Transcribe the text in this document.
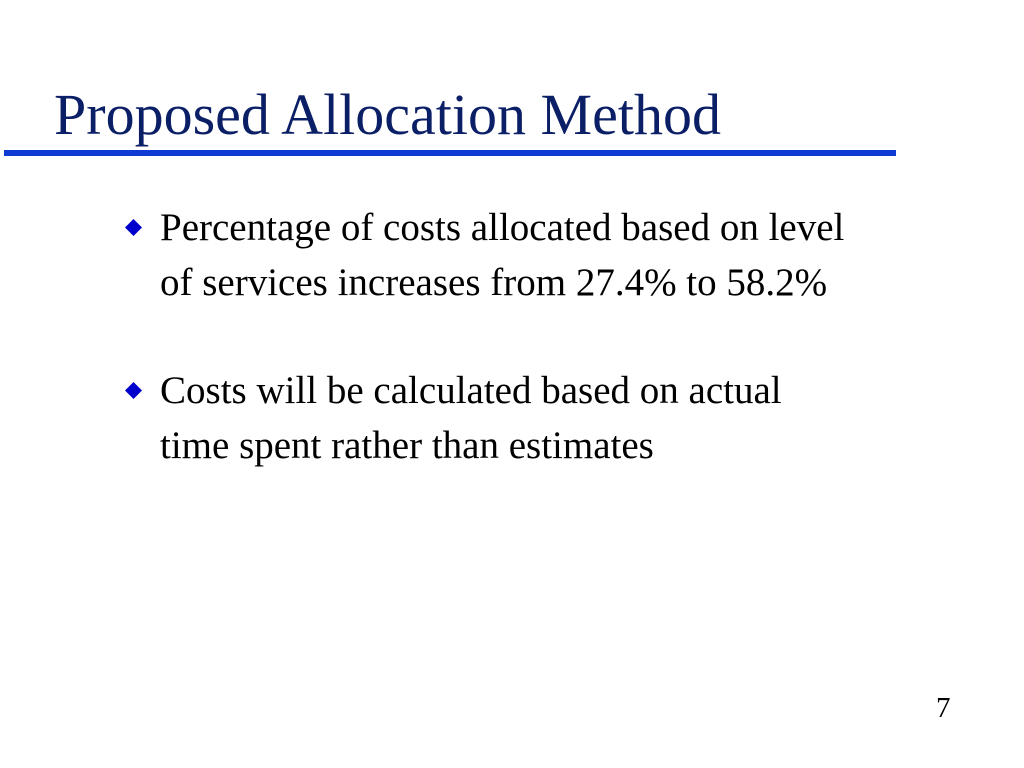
Proposed Allocation Method
Percentage of costs allocated based on level
of services increases from 27.4% to 58.2%
Costs will be calculated based on actual
time spent rather than estimates
7
